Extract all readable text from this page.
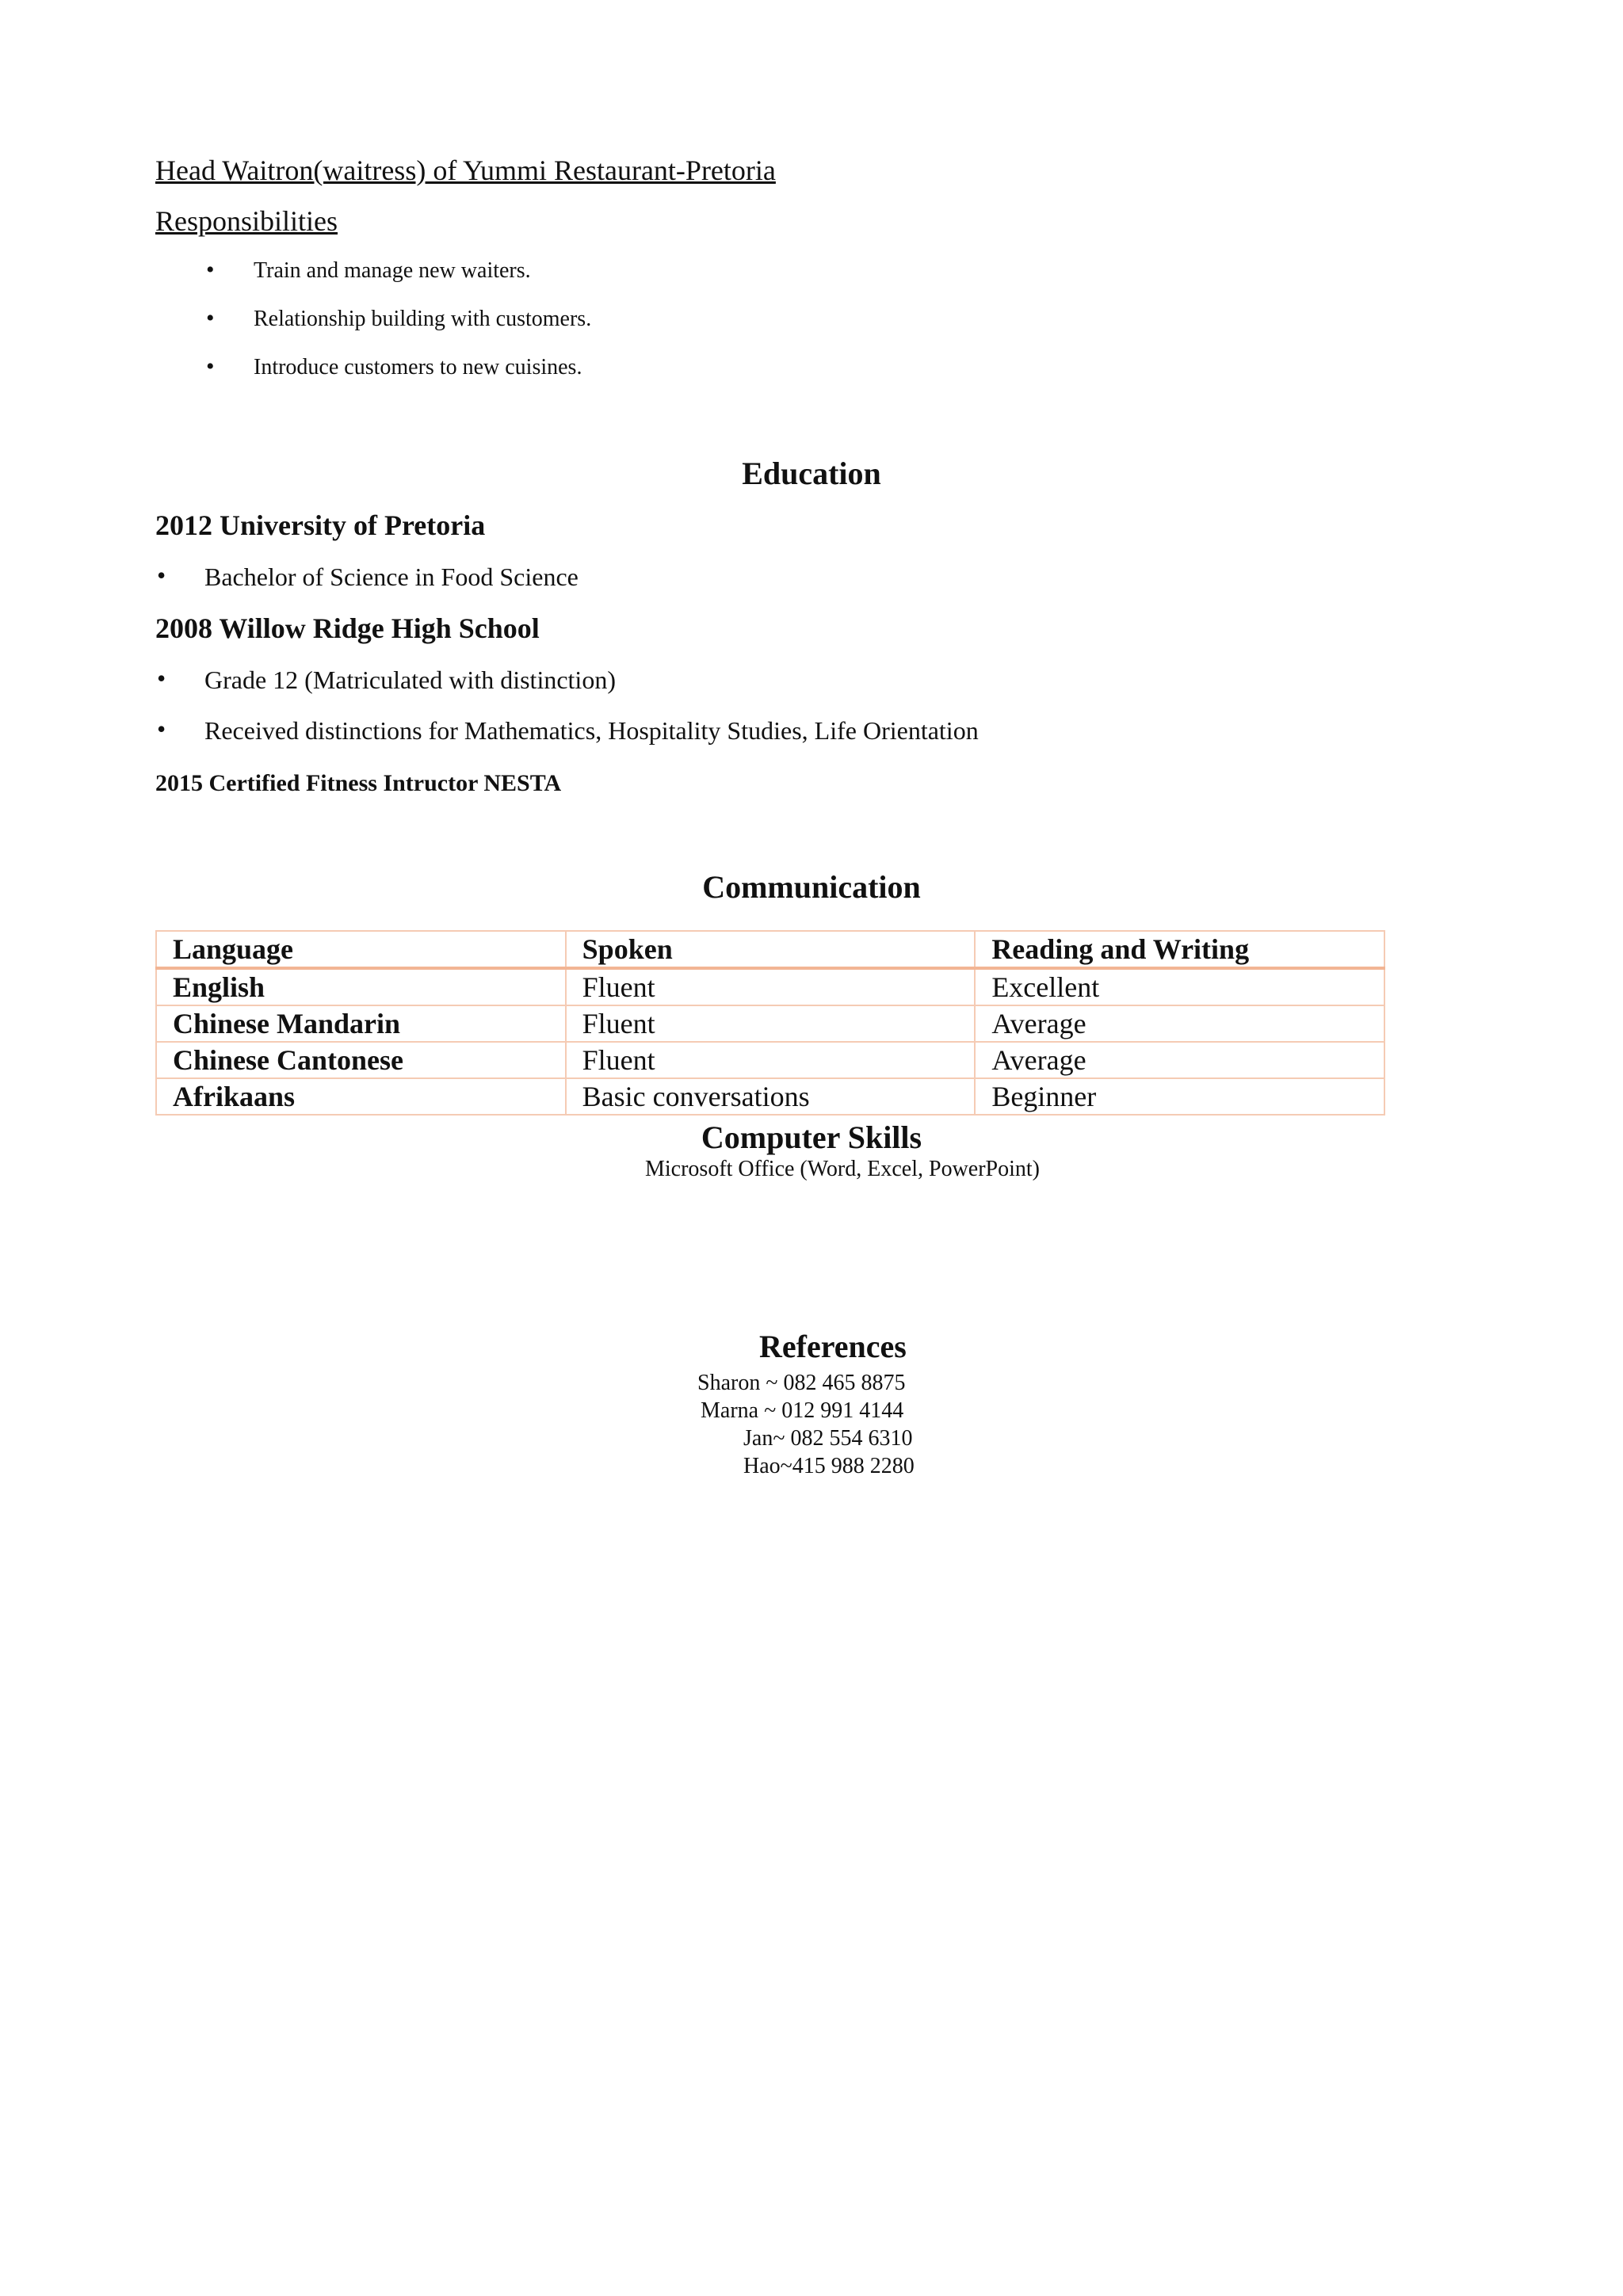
Head Waitron(waitress) of Yummi Restaurant-Pretoria
Responsibilities
• Train and manage new waiters.
• Relationship building with customers.
• Introduce customers to new cuisines.
Education
2012 University of Pretoria
• Bachelor of Science in Food Science
2008 Willow Ridge High School
• Grade 12 (Matriculated with distinction)
• Received distinctions for Mathematics, Hospitality Studies, Life Orientation
2015 Certified Fitness Intructor NESTA
Communication
Language	Spoken	Reading and Writing
English	Fluent	Excellent
Chinese Mandarin	Fluent	Average
Chinese Cantonese	Fluent	Average
Afrikaans	Basic conversations	Beginner
Computer Skills
Microsoft Office (Word, Excel, PowerPoint)
References
Sharon ~ 082 465 8875
Marna ~ 012 991 4144
Jan~ 082 554 6310
Hao~415 988 2280
